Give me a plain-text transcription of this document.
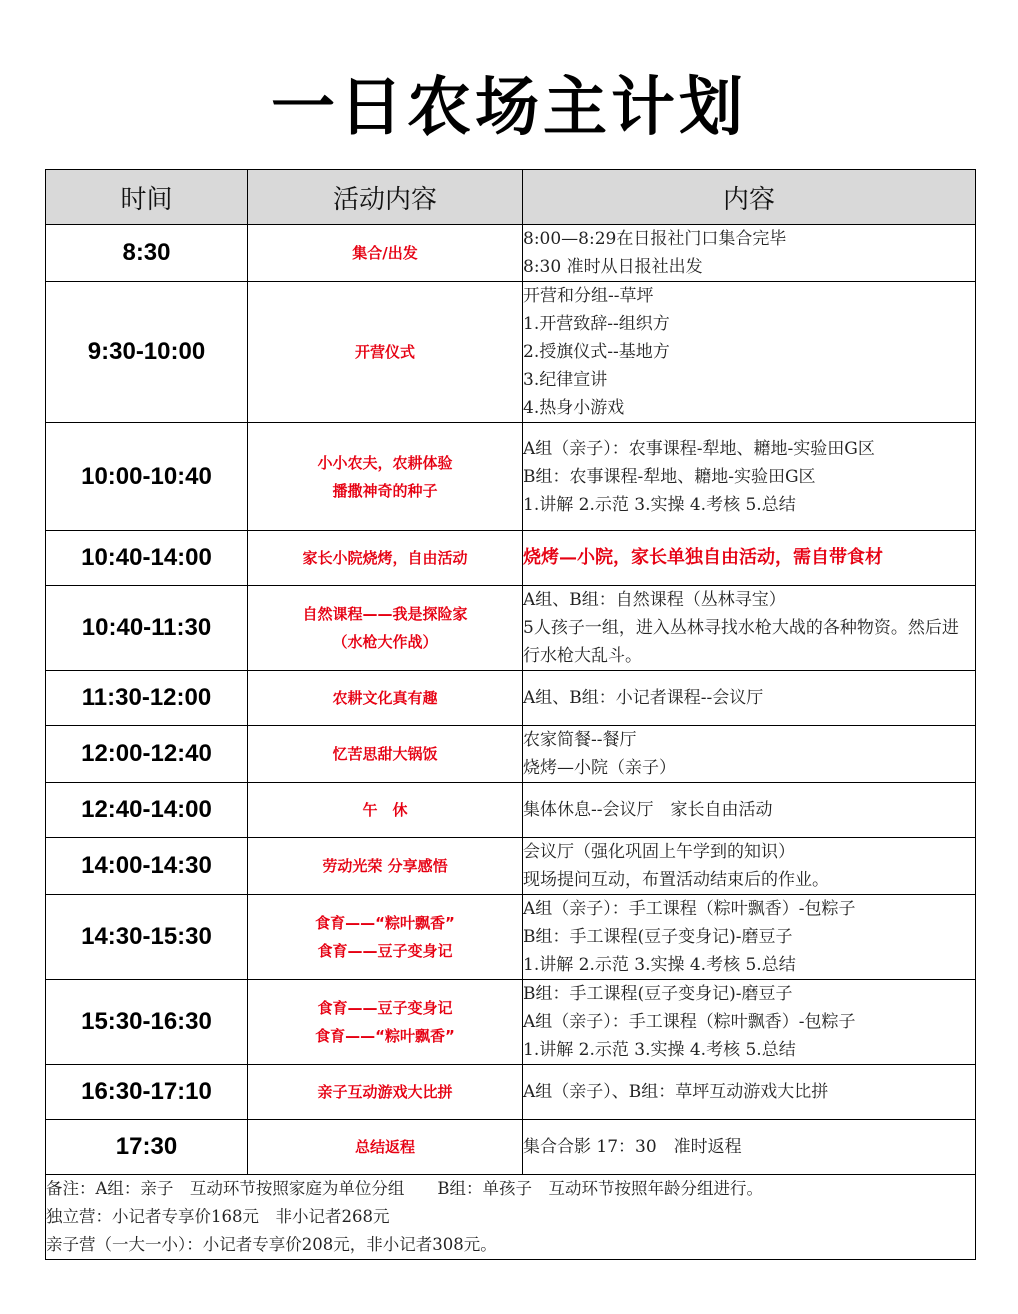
一日农场主计划
时间	活动内容	内容
8:30	集合/出发	8:00—8:29在日报社门口集合完毕
8:30 准时从日报社出发

9:30-10:00	开营仪式	开营和分组--草坪
1.开营致辞--组织方
2.授旗仪式--基地方
3.纪律宣讲
4.热身小游戏

10:00-10:40	小小农夫，农耕体验
播撒神奇的种子	A组（亲子）：农事课程-犁地、耱地-实验田G区
B组：农事课程-犁地、耱地-实验田G区
1.讲解 2.示范 3.实操 4.考核 5.总结

10:40-14:00	家长小院烧烤，自由活动	烧烤—小院，家长单独自由活动，需自带食材

10:40-11:30	自然课程——我是探险家
（水枪大作战）	A组、B组：自然课程（丛林寻宝）
5人孩子一组，进入丛林寻找水枪大战的各种物资。然后进行水枪大乱斗。

11:30-12:00	农耕文化真有趣	A组、B组：小记者课程--会议厅

12:00-12:40	忆苦思甜大锅饭	农家简餐--餐厅
烧烤—小院（亲子）

12:40-14:00	午　休	集体休息--会议厅　家长自由活动

14:00-14:30	劳动光荣 分享感悟	会议厅（强化巩固上午学到的知识）
现场提问互动，布置活动结束后的作业。

14:30-15:30	食育——“粽叶飘香”
食育——豆子变身记	A组（亲子）：手工课程（粽叶飘香）-包粽子
B组：手工课程(豆子变身记)-磨豆子
1.讲解 2.示范 3.实操 4.考核 5.总结

15:30-16:30	食育——豆子变身记
食育——“粽叶飘香”	B组：手工课程(豆子变身记)-磨豆子
A组（亲子）：手工课程（粽叶飘香）-包粽子
1.讲解 2.示范 3.实操 4.考核 5.总结

16:30-17:10	亲子互动游戏大比拼	A组（亲子）、B组：草坪互动游戏大比拼

17:30	总结返程	集合合影 17：30　准时返程

备注：A组：亲子　互动环节按照家庭为单位分组　　B组：单孩子　互动环节按照年龄分组进行。
独立营：小记者专享价168元　非小记者268元
亲子营（一大一小）：小记者专享价208元，非小记者308元。		
